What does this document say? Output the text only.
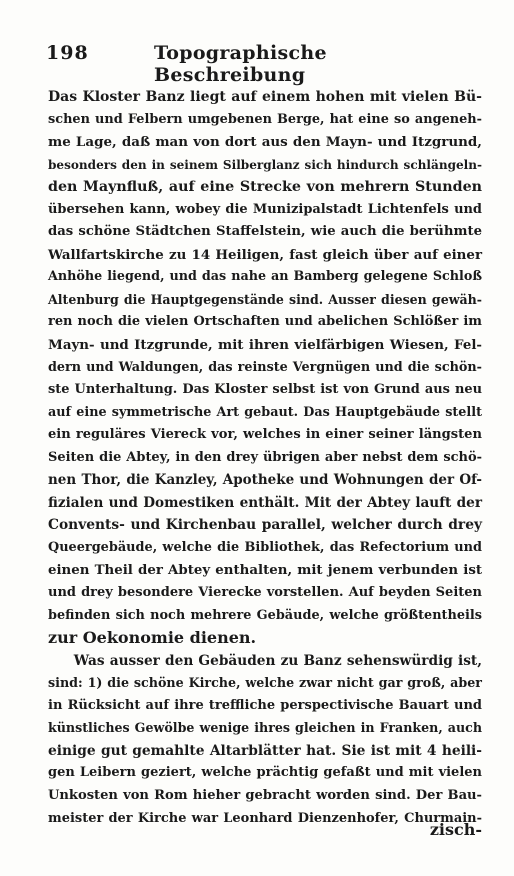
198	Topographische Beschreibung
Das Kloster Banz liegt auf einem hohen mit vielen Bü-
schen und Felbern umgebenen Berge, hat eine so angeneh-
me Lage, daß man von dort aus den Mayn- und Itzgrund,
besonders den in seinem Silberglanz sich hindurch schlängeln-
den Maynfluß, auf eine Strecke von mehrern Stunden
übersehen kann, wobey die Munizipalstadt Lichtenfels und
das schöne Städtchen Staffelstein, wie auch die berühmte
Wallfartskirche zu 14 Heiligen, fast gleich über auf einer
Anhöhe liegend, und das nahe an Bamberg gelegene Schloß
Altenburg die Hauptgegenstände sind. Ausser diesen gewäh-
ren noch die vielen Ortschaften und abelichen Schlößer im
Mayn- und Itzgrunde, mit ihren vielfärbigen Wiesen, Fel-
dern und Waldungen, das reinste Vergnügen und die schön-
ste Unterhaltung. Das Kloster selbst ist von Grund aus neu
auf eine symmetrische Art gebaut. Das Hauptgebäude stellt
ein reguläres Viereck vor, welches in einer seiner längsten
Seiten die Abtey, in den drey übrigen aber nebst dem schö-
nen Thor, die Kanzley, Apotheke und Wohnungen der Of-
fizialen und Domestiken enthält. Mit der Abtey lauft der
Convents- und Kirchenbau parallel, welcher durch drey
Queergebäude, welche die Bibliothek, das Refectorium und
einen Theil der Abtey enthalten, mit jenem verbunden ist
und drey besondere Vierecke vorstellen. Auf beyden Seiten
befinden sich noch mehrere Gebäude, welche größtentheils
zur Oekonomie dienen.
Was ausser den Gebäuden zu Banz sehenswürdig ist,
sind: 1) die schöne Kirche, welche zwar nicht gar groß, aber
in Rücksicht auf ihre treffliche perspectivische Bauart und
künstliches Gewölbe wenige ihres gleichen in Franken, auch
einige gut gemahlte Altarblätter hat. Sie ist mit 4 heili-
gen Leibern geziert, welche prächtig gefaßt und mit vielen
Unkosten von Rom hieher gebracht worden sind. Der Bau-
meister der Kirche war Leonhard Dienzenhofer, Churmain-
zisch-
